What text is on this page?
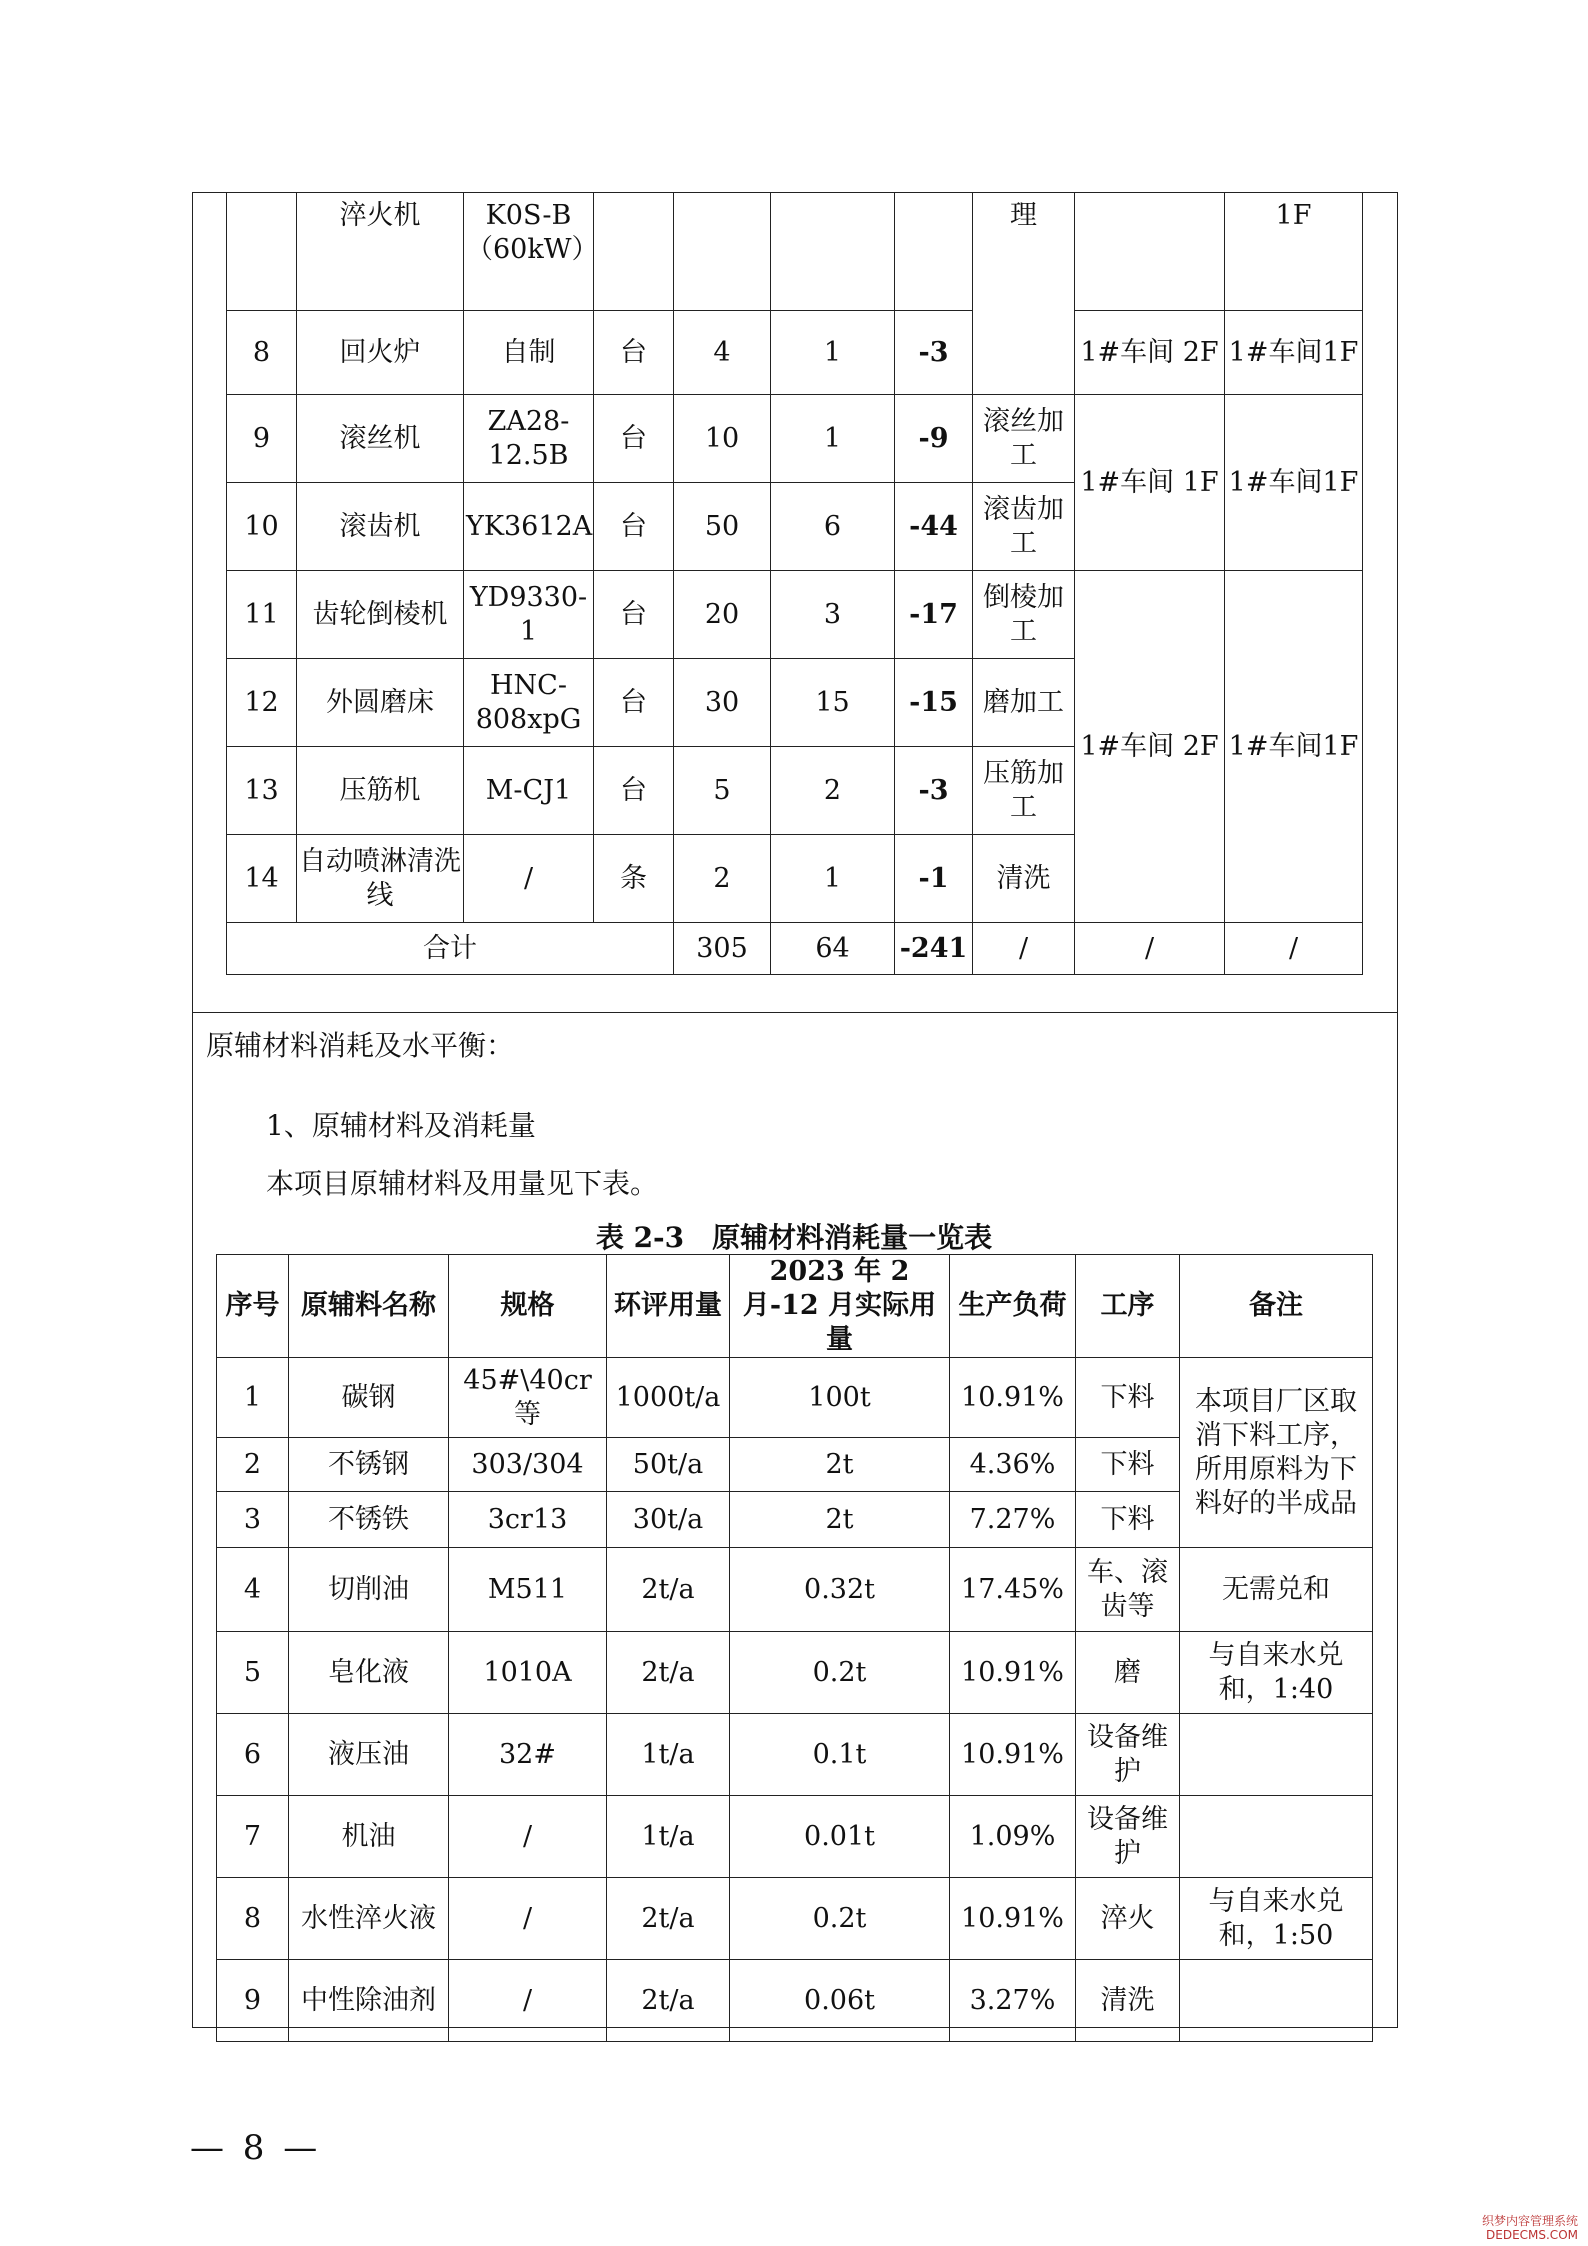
	淬火机	K0S-B（60kW）					理		1F
8	回火炉	自制	台	4	1	-3		1#车间 2F	1#车间1F
9	滚丝机	ZA28-12.5B	台	10	1	-9	滚丝加工	1#车间 1F	1#车间1F
10	滚齿机	YK3612A	台	50	6	-44	滚齿加工		
11	齿轮倒棱机	YD9330-1	台	20	3	-17	倒棱加工	1#车间 2F	1#车间1F
12	外圆磨床	HNC-808xpG	台	30	15	-15	磨加工		
13	压筋机	M-CJ1	台	5	2	-3	压筋加工		
14	自动喷淋清洗线	/	条	2	1	-1	清洗		
合计				305	64	-241	/	/	/
原辅材料消耗及水平衡：
1、原辅材料及消耗量
本项目原辅材料及用量见下表。
表 2-3　原辅材料消耗量一览表
序号	原辅料名称	规格	环评用量	2023 年 2 月-12 月实际用量	生产负荷	工序	备注
1	碳钢	45#\40cr等	1000t/a	100t	10.91%	下料	本项目厂区取消下料工序，所用原料为下料好的半成品
2	不锈钢	303/304	50t/a	2t	4.36%	下料	
3	不锈铁	3cr13	30t/a	2t	7.27%	下料	
4	切削油	M511	2t/a	0.32t	17.45%	车、滚齿等	无需兑和
5	皂化液	1010A	2t/a	0.2t	10.91%	磨	与自来水兑和，1:40
6	液压油	32#	1t/a	0.1t	10.91%	设备维护	
7	机油	/	1t/a	0.01t	1.09%	设备维护	
8	水性淬火液	/	2t/a	0.2t	10.91%	淬火	与自来水兑和，1:50
9	中性除油剂	/	2t/a	0.06t	3.27%	清洗	
— 8 —
织梦内容管理系统
DEDECMS.COM
